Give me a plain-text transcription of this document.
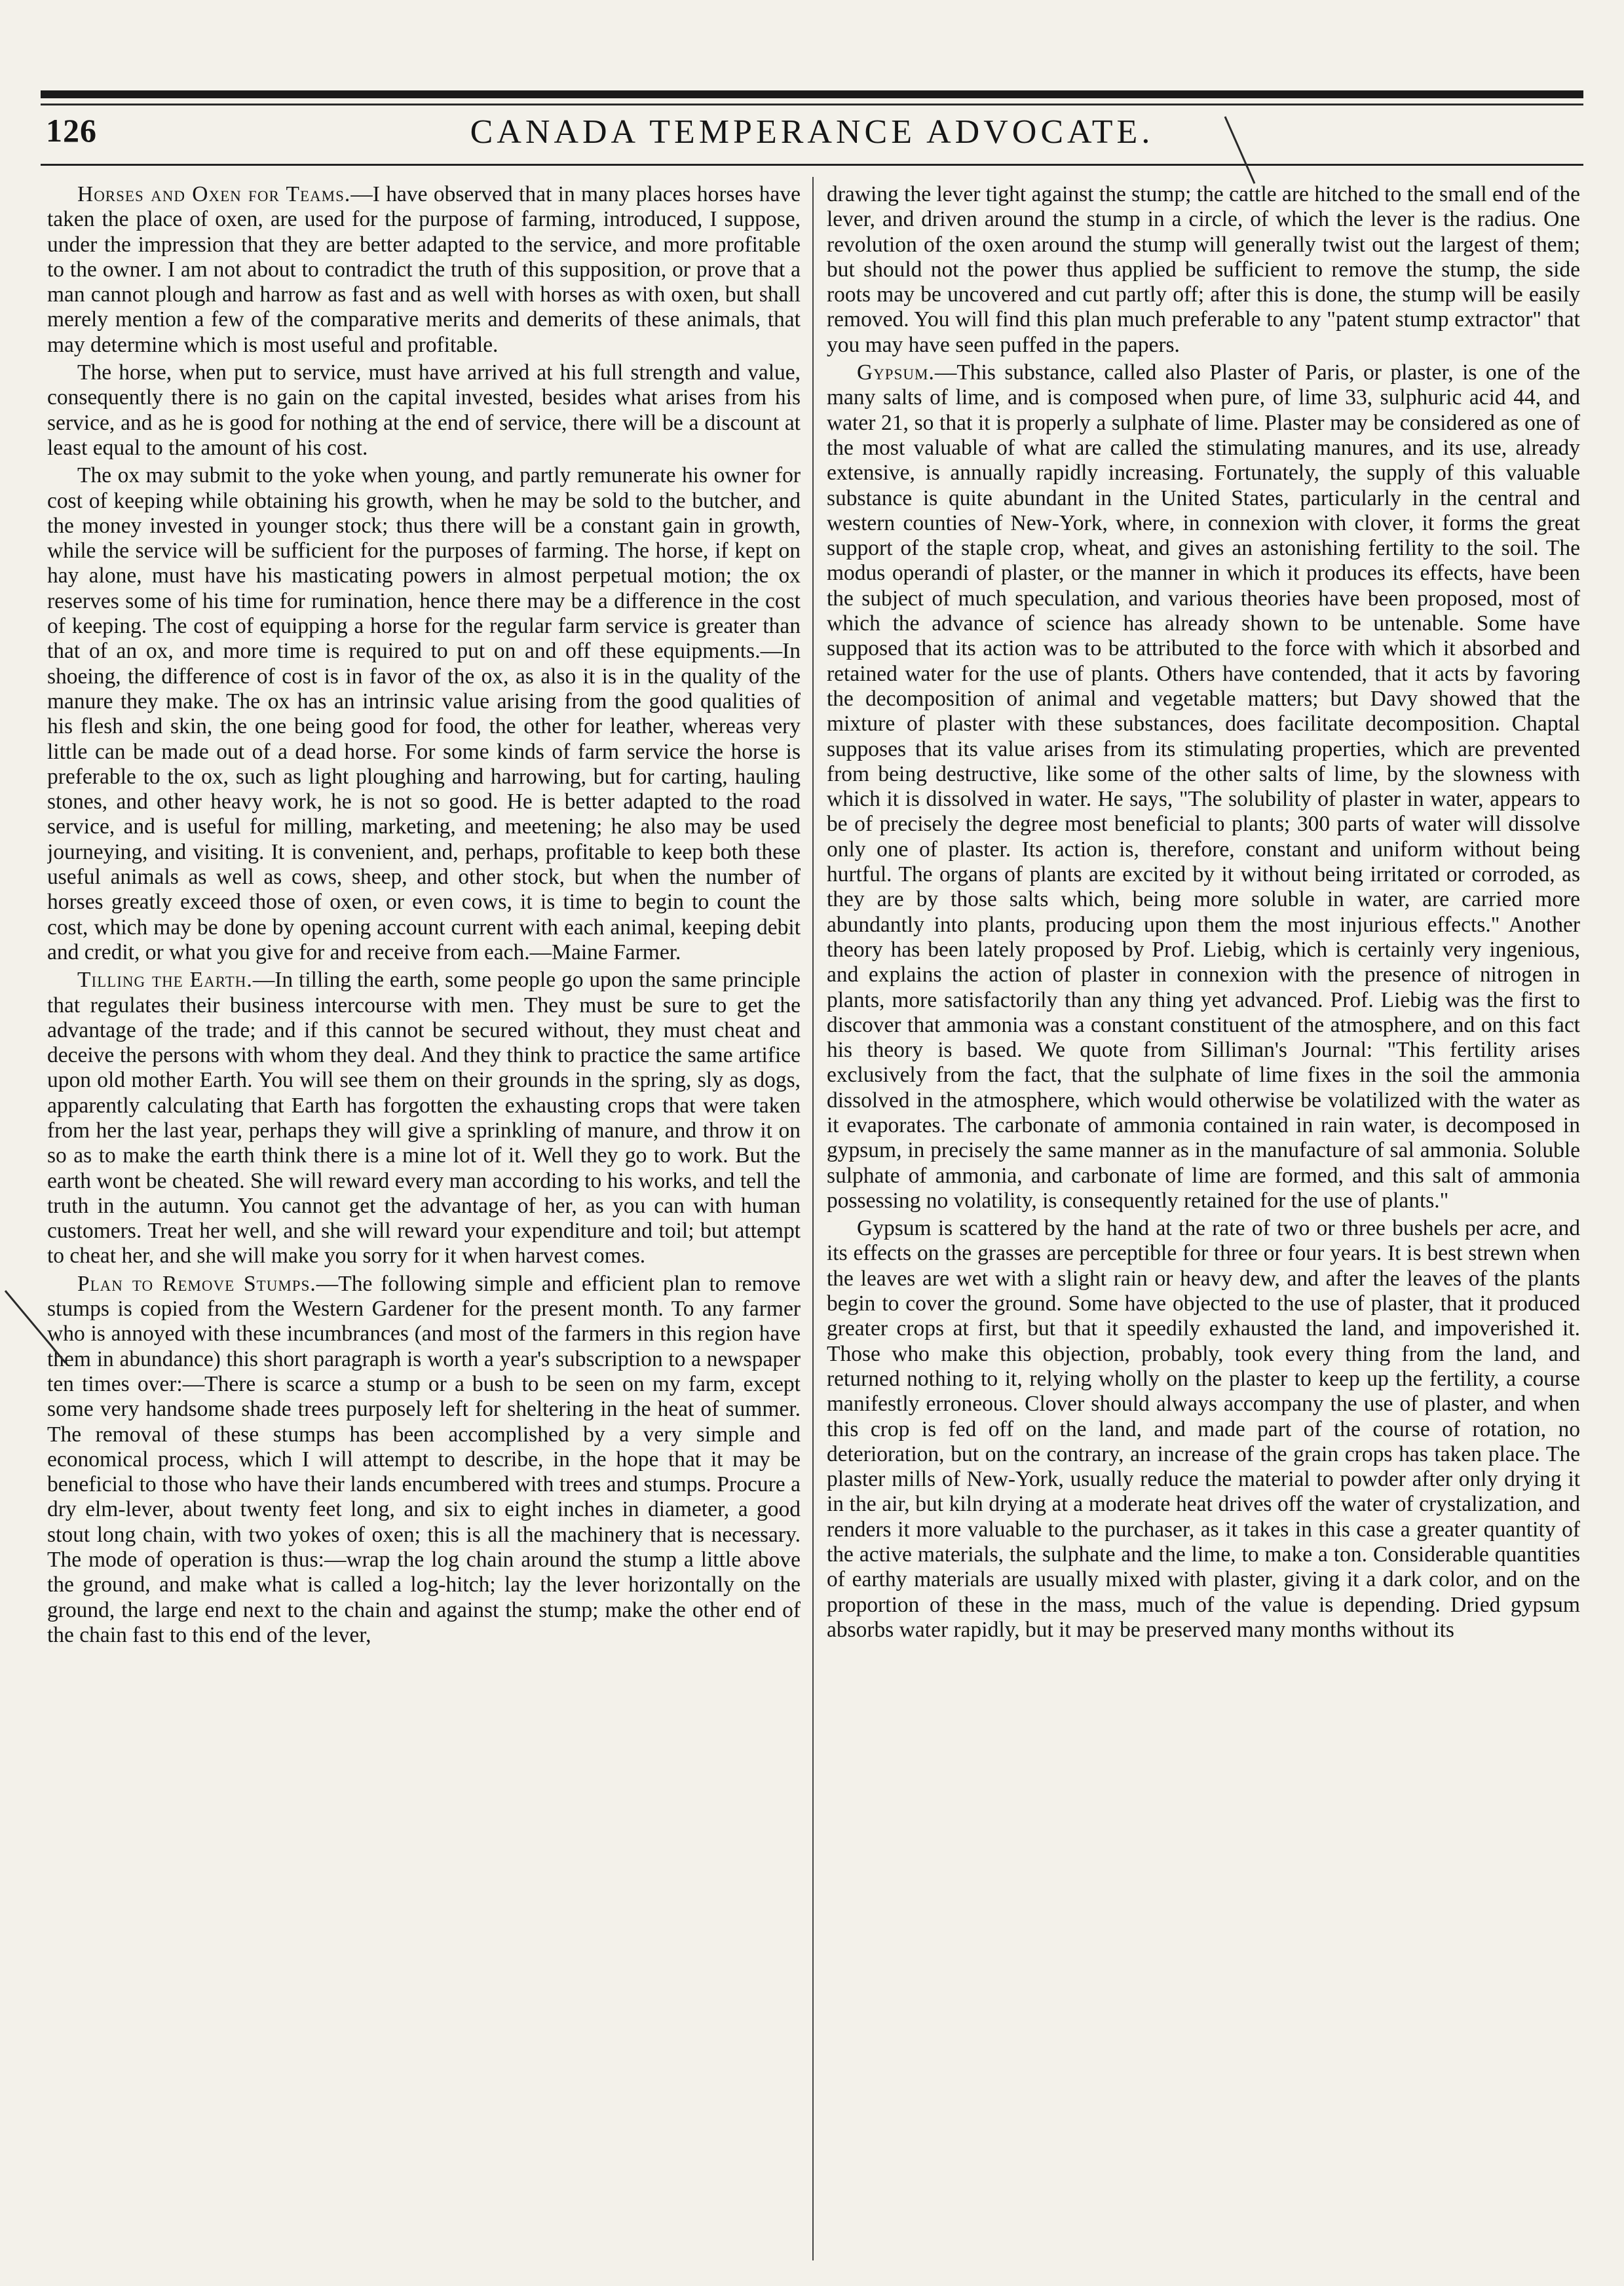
126	CANADA TEMPERANCE ADVOCATE.

Horses and Oxen for Teams.—I have observed that in many places horses have taken the place of oxen, are used for the purpose of farming, introduced, I suppose, under the impression that they are better adapted to the service, and more profitable to the owner. I am not about to contradict the truth of this supposition, or prove that a man cannot plough and harrow as fast and as well with horses as with oxen, but shall merely mention a few of the comparative merits and demerits of these animals, that may determine which is most useful and profitable.

The horse, when put to service, must have arrived at his full strength and value, consequently there is no gain on the capital invested, besides what arises from his service, and as he is good for nothing at the end of service, there will be a discount at least equal to the amount of his cost.

The ox may submit to the yoke when young, and partly remunerate his owner for cost of keeping while obtaining his growth, when he may be sold to the butcher, and the money invested in younger stock; thus there will be a constant gain in growth, while the service will be sufficient for the purposes of farming. The horse, if kept on hay alone, must have his masticating powers in almost perpetual motion; the ox reserves some of his time for rumination, hence there may be a difference in the cost of keeping. The cost of equipping a horse for the regular farm service is greater than that of an ox, and more time is required to put on and off these equipments.—In shoeing, the difference of cost is in favor of the ox, as also it is in the quality of the manure they make. The ox has an intrinsic value arising from the good qualities of his flesh and skin, the one being good for food, the other for leather, whereas very little can be made out of a dead horse. For some kinds of farm service the horse is preferable to the ox, such as light ploughing and harrowing, but for carting, hauling stones, and other heavy work, he is not so good. He is better adapted to the road service, and is useful for milling, marketing, and meetening; he also may be used journeying, and visiting. It is convenient, and, perhaps, profitable to keep both these useful animals as well as cows, sheep, and other stock, but when the number of horses greatly exceed those of oxen, or even cows, it is time to begin to count the cost, which may be done by opening account current with each animal, keeping debit and credit, or what you give for and receive from each.—Maine Farmer.

Tilling the Earth.—In tilling the earth, some people go upon the same principle that regulates their business intercourse with men. They must be sure to get the advantage of the trade; and if this cannot be secured without, they must cheat and deceive the persons with whom they deal. And they think to practice the same artifice upon old mother Earth. You will see them on their grounds in the spring, sly as dogs, apparently calculating that Earth has forgotten the exhausting crops that were taken from her the last year, perhaps they will give a sprinkling of manure, and throw it on so as to make the earth think there is a mine lot of it. Well they go to work. But the earth wont be cheated. She will reward every man according to his works, and tell the truth in the autumn. You cannot get the advantage of her, as you can with human customers. Treat her well, and she will reward your expenditure and toil; but attempt to cheat her, and she will make you sorry for it when harvest comes.

Plan to Remove Stumps.—The following simple and efficient plan to remove stumps is copied from the Western Gardener for the present month. To any farmer who is annoyed with these incumbrances (and most of the farmers in this region have them in abundance) this short paragraph is worth a year's subscription to a newspaper ten times over:—There is scarce a stump or a bush to be seen on my farm, except some very handsome shade trees purposely left for sheltering in the heat of summer. The removal of these stumps has been accomplished by a very simple and economical process, which I will attempt to describe, in the hope that it may be beneficial to those who have their lands encumbered with trees and stumps. Procure a dry elm-lever, about twenty feet long, and six to eight inches in diameter, a good stout long chain, with two yokes of oxen; this is all the machinery that is necessary. The mode of operation is thus:—wrap the log chain around the stump a little above the ground, and make what is called a log-hitch; lay the lever horizontally on the ground, the large end next to the chain and against the stump; make the other end of the chain fast to this end of the lever,

drawing the lever tight against the stump; the cattle are hitched to the small end of the lever, and driven around the stump in a circle, of which the lever is the radius. One revolution of the oxen around the stump will generally twist out the largest of them; but should not the power thus applied be sufficient to remove the stump, the side roots may be uncovered and cut partly off; after this is done, the stump will be easily removed. You will find this plan much preferable to any "patent stump extractor" that you may have seen puffed in the papers.

Gypsum.—This substance, called also Plaster of Paris, or plaster, is one of the many salts of lime, and is composed when pure, of lime 33, sulphuric acid 44, and water 21, so that it is properly a sulphate of lime. Plaster may be considered as one of the most valuable of what are called the stimulating manures, and its use, already extensive, is annually rapidly increasing. Fortunately, the supply of this valuable substance is quite abundant in the United States, particularly in the central and western counties of New-York, where, in connexion with clover, it forms the great support of the staple crop, wheat, and gives an astonishing fertility to the soil. The modus operandi of plaster, or the manner in which it produces its effects, have been the subject of much speculation, and various theories have been proposed, most of which the advance of science has already shown to be untenable. Some have supposed that its action was to be attributed to the force with which it absorbed and retained water for the use of plants. Others have contended, that it acts by favoring the decomposition of animal and vegetable matters; but Davy showed that the mixture of plaster with these substances, does facilitate decomposition. Chaptal supposes that its value arises from its stimulating properties, which are prevented from being destructive, like some of the other salts of lime, by the slowness with which it is dissolved in water. He says, "The solubility of plaster in water, appears to be of precisely the degree most beneficial to plants; 300 parts of water will dissolve only one of plaster. Its action is, therefore, constant and uniform without being hurtful. The organs of plants are excited by it without being irritated or corroded, as they are by those salts which, being more soluble in water, are carried more abundantly into plants, producing upon them the most injurious effects." Another theory has been lately proposed by Prof. Liebig, which is certainly very ingenious, and explains the action of plaster in connexion with the presence of nitrogen in plants, more satisfactorily than any thing yet advanced. Prof. Liebig was the first to discover that ammonia was a constant constituent of the atmosphere, and on this fact his theory is based. We quote from Silliman's Journal: "This fertility arises exclusively from the fact, that the sulphate of lime fixes in the soil the ammonia dissolved in the atmosphere, which would otherwise be volatilized with the water as it evaporates. The carbonate of ammonia contained in rain water, is decomposed in gypsum, in precisely the same manner as in the manufacture of sal ammonia. Soluble sulphate of ammonia, and carbonate of lime are formed, and this salt of ammonia possessing no volatility, is consequently retained for the use of plants."

Gypsum is scattered by the hand at the rate of two or three bushels per acre, and its effects on the grasses are perceptible for three or four years. It is best strewn when the leaves are wet with a slight rain or heavy dew, and after the leaves of the plants begin to cover the ground. Some have objected to the use of plaster, that it produced greater crops at first, but that it speedily exhausted the land, and impoverished it. Those who make this objection, probably, took every thing from the land, and returned nothing to it, relying wholly on the plaster to keep up the fertility, a course manifestly erroneous. Clover should always accompany the use of plaster, and when this crop is fed off on the land, and made part of the course of rotation, no deterioration, but on the contrary, an increase of the grain crops has taken place. The plaster mills of New-York, usually reduce the material to powder after only drying it in the air, but kiln drying at a moderate heat drives off the water of crystalization, and renders it more valuable to the purchaser, as it takes in this case a greater quantity of the active materials, the sulphate and the lime, to make a ton. Considerable quantities of earthy materials are usually mixed with plaster, giving it a dark color, and on the proportion of these in the mass, much of the value is depending. Dried gypsum absorbs water rapidly, but it may be preserved many months without its
